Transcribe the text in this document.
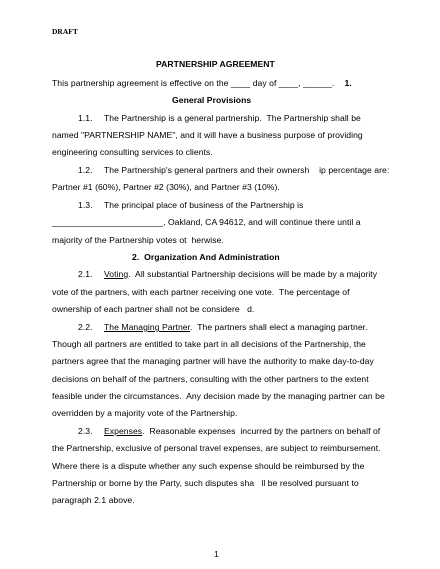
DRAFT
PARTNERSHIP AGREEMENT
This partnership agreement is effective on the ____ day of ____, ______. 1.
General Provisions
1.1. The Partnership is a general partnership.  The Partnership shall be
named "PARTNERSHIP NAME", and it will have a business purpose of providing
engineering consulting services to clients.
1.2. The Partnership's general partners and their ownersh    ip percentage are:
Partner #1 (60%), Partner #2 (30%), and Partner #3 (10%).
1.3. The principal place of business of the Partnership is
_______________________, Oakland, CA 94612, and will continue there until a
majority of the Partnership votes ot  herwise.
2. Organization And Administration
2.1. Voting.  All substantial Partnership decisions will be made by a majority
vote of the partners, with each partner receiving one vote.  The percentage of
ownership of each partner shall not be considere   d.
2.2. The Managing Partner.  The partners shall elect a managing partner.
Though all partners are entitled to take part in all decisions of the Partnership, the
partners agree that the managing partner will have the authority to make day-to-day
decisions on behalf of the partners, consulting with the other partners to the extent
feasible under the circumstances.  Any decision made by the managing partner can be
overridden by a majority vote of the Partnership.
2.3. Expenses.  Reasonable expenses  incurred by the partners on behalf of
the Partnership, exclusive of personal travel expenses, are subject to reimbursement.
Where there is a dispute whether any such expense should be reimbursed by the
Partnership or borne by the Party, such disputes sha   ll be resolved pursuant to
paragraph 2.1 above.
1
